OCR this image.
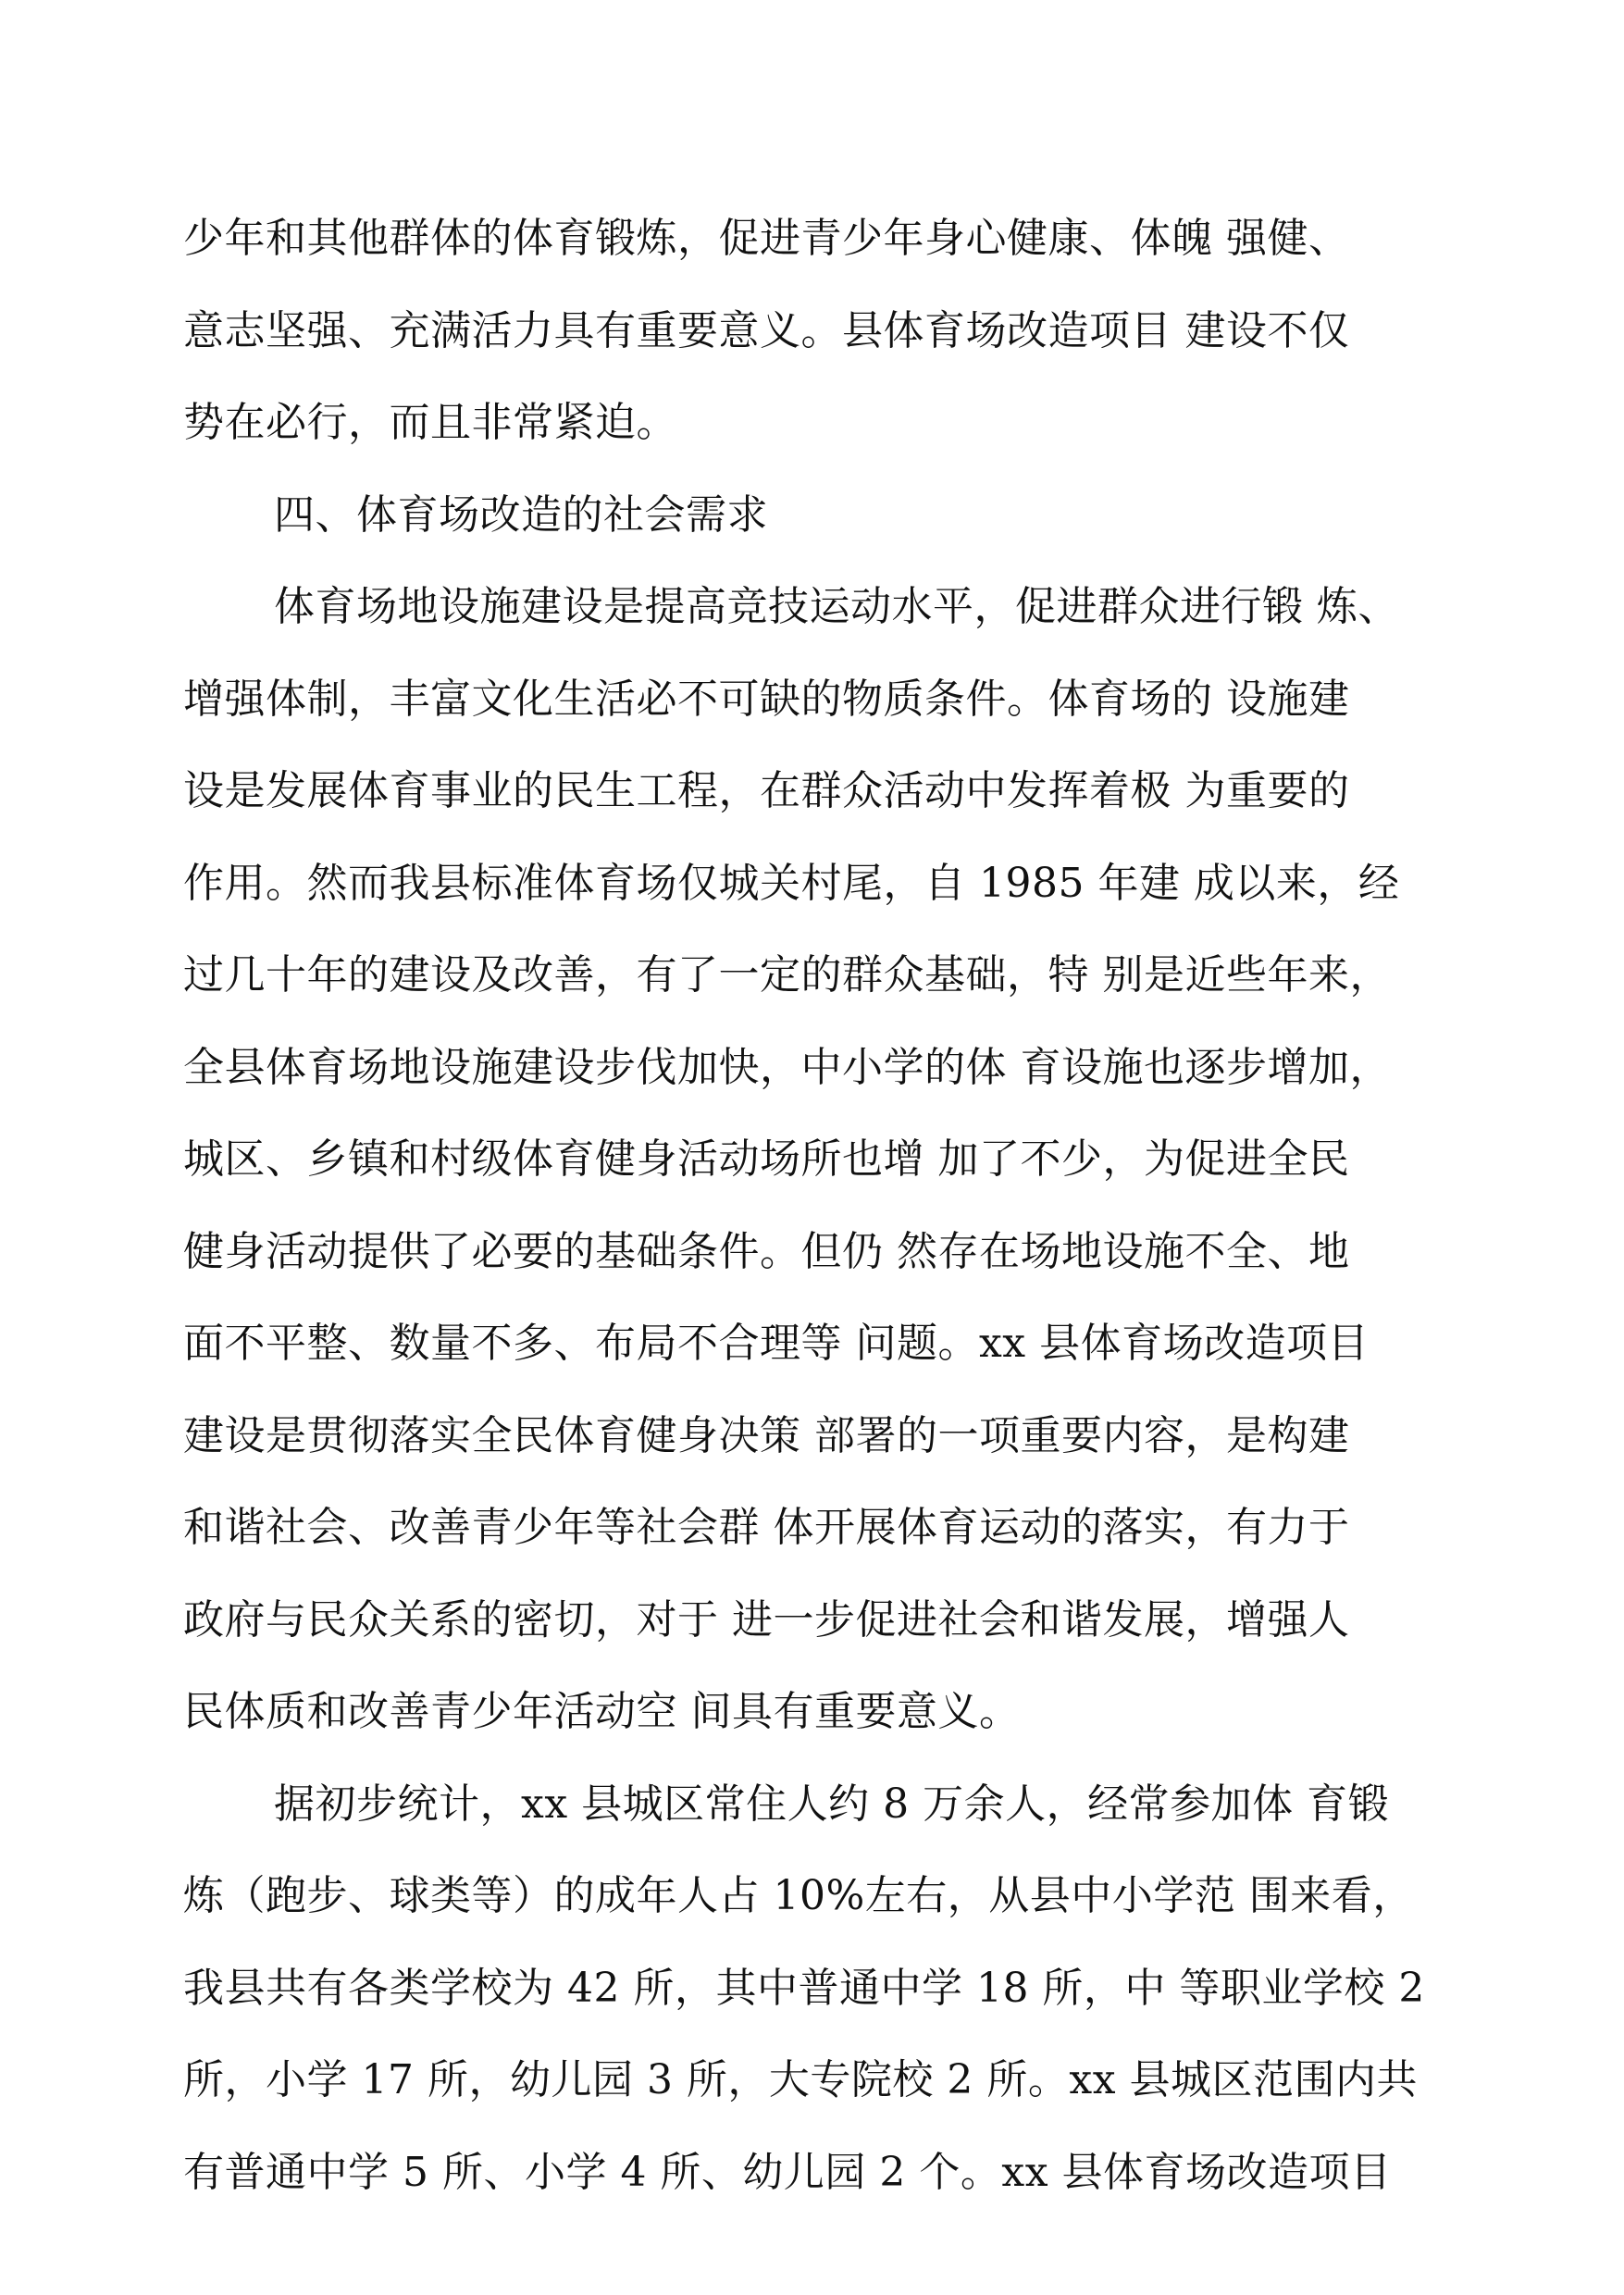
少年和其他群体的体育锻炼，促进青少年身心健康、体魄 强健、
意志坚强、充满活力具有重要意义。县体育场改造项目 建设不仅
势在必行，而且非常紧迫。
四、体育场改造的社会需求
体育场地设施建设是提高竞技运动水平，促进群众进行锻 炼、
增强体制，丰富文化生活必不可缺的物质条件。体育场的 设施建
设是发展体育事业的民生工程，在群众活动中发挥着极 为重要的
作用。然而我县标准体育场仅城关村尾，自 1985 年建 成以来，经
过几十年的建设及改善，有了一定的群众基础，特 别是近些年来，
全县体育场地设施建设步伐加快，中小学的体 育设施也逐步增加，
城区、乡镇和村级体育健身活动场所也增 加了不少，为促进全民
健身活动提供了必要的基础条件。但仍 然存在场地设施不全、地
面不平整、数量不多、布局不合理等 问题。xx 县体育场改造项目
建设是贯彻落实全民体育健身决策 部署的一项重要内容，是构建
和谐社会、改善青少年等社会群 体开展体育运动的落实，有力于
政府与民众关系的密切，对于 进一步促进社会和谐发展，增强人
民体质和改善青少年活动空 间具有重要意义。
据初步统计，xx 县城区常住人约 8 万余人，经常参加体 育锻
炼（跑步、球类等）的成年人占 10%左右，从县中小学范 围来看，
我县共有各类学校为 42 所，其中普通中学 18 所，中 等职业学校 2
所，小学 17 所，幼儿园 3 所，大专院校 2 所。xx 县城区范围内共
有普通中学 5 所、小学 4 所、幼儿园 2 个。xx 县体育场改造项目
